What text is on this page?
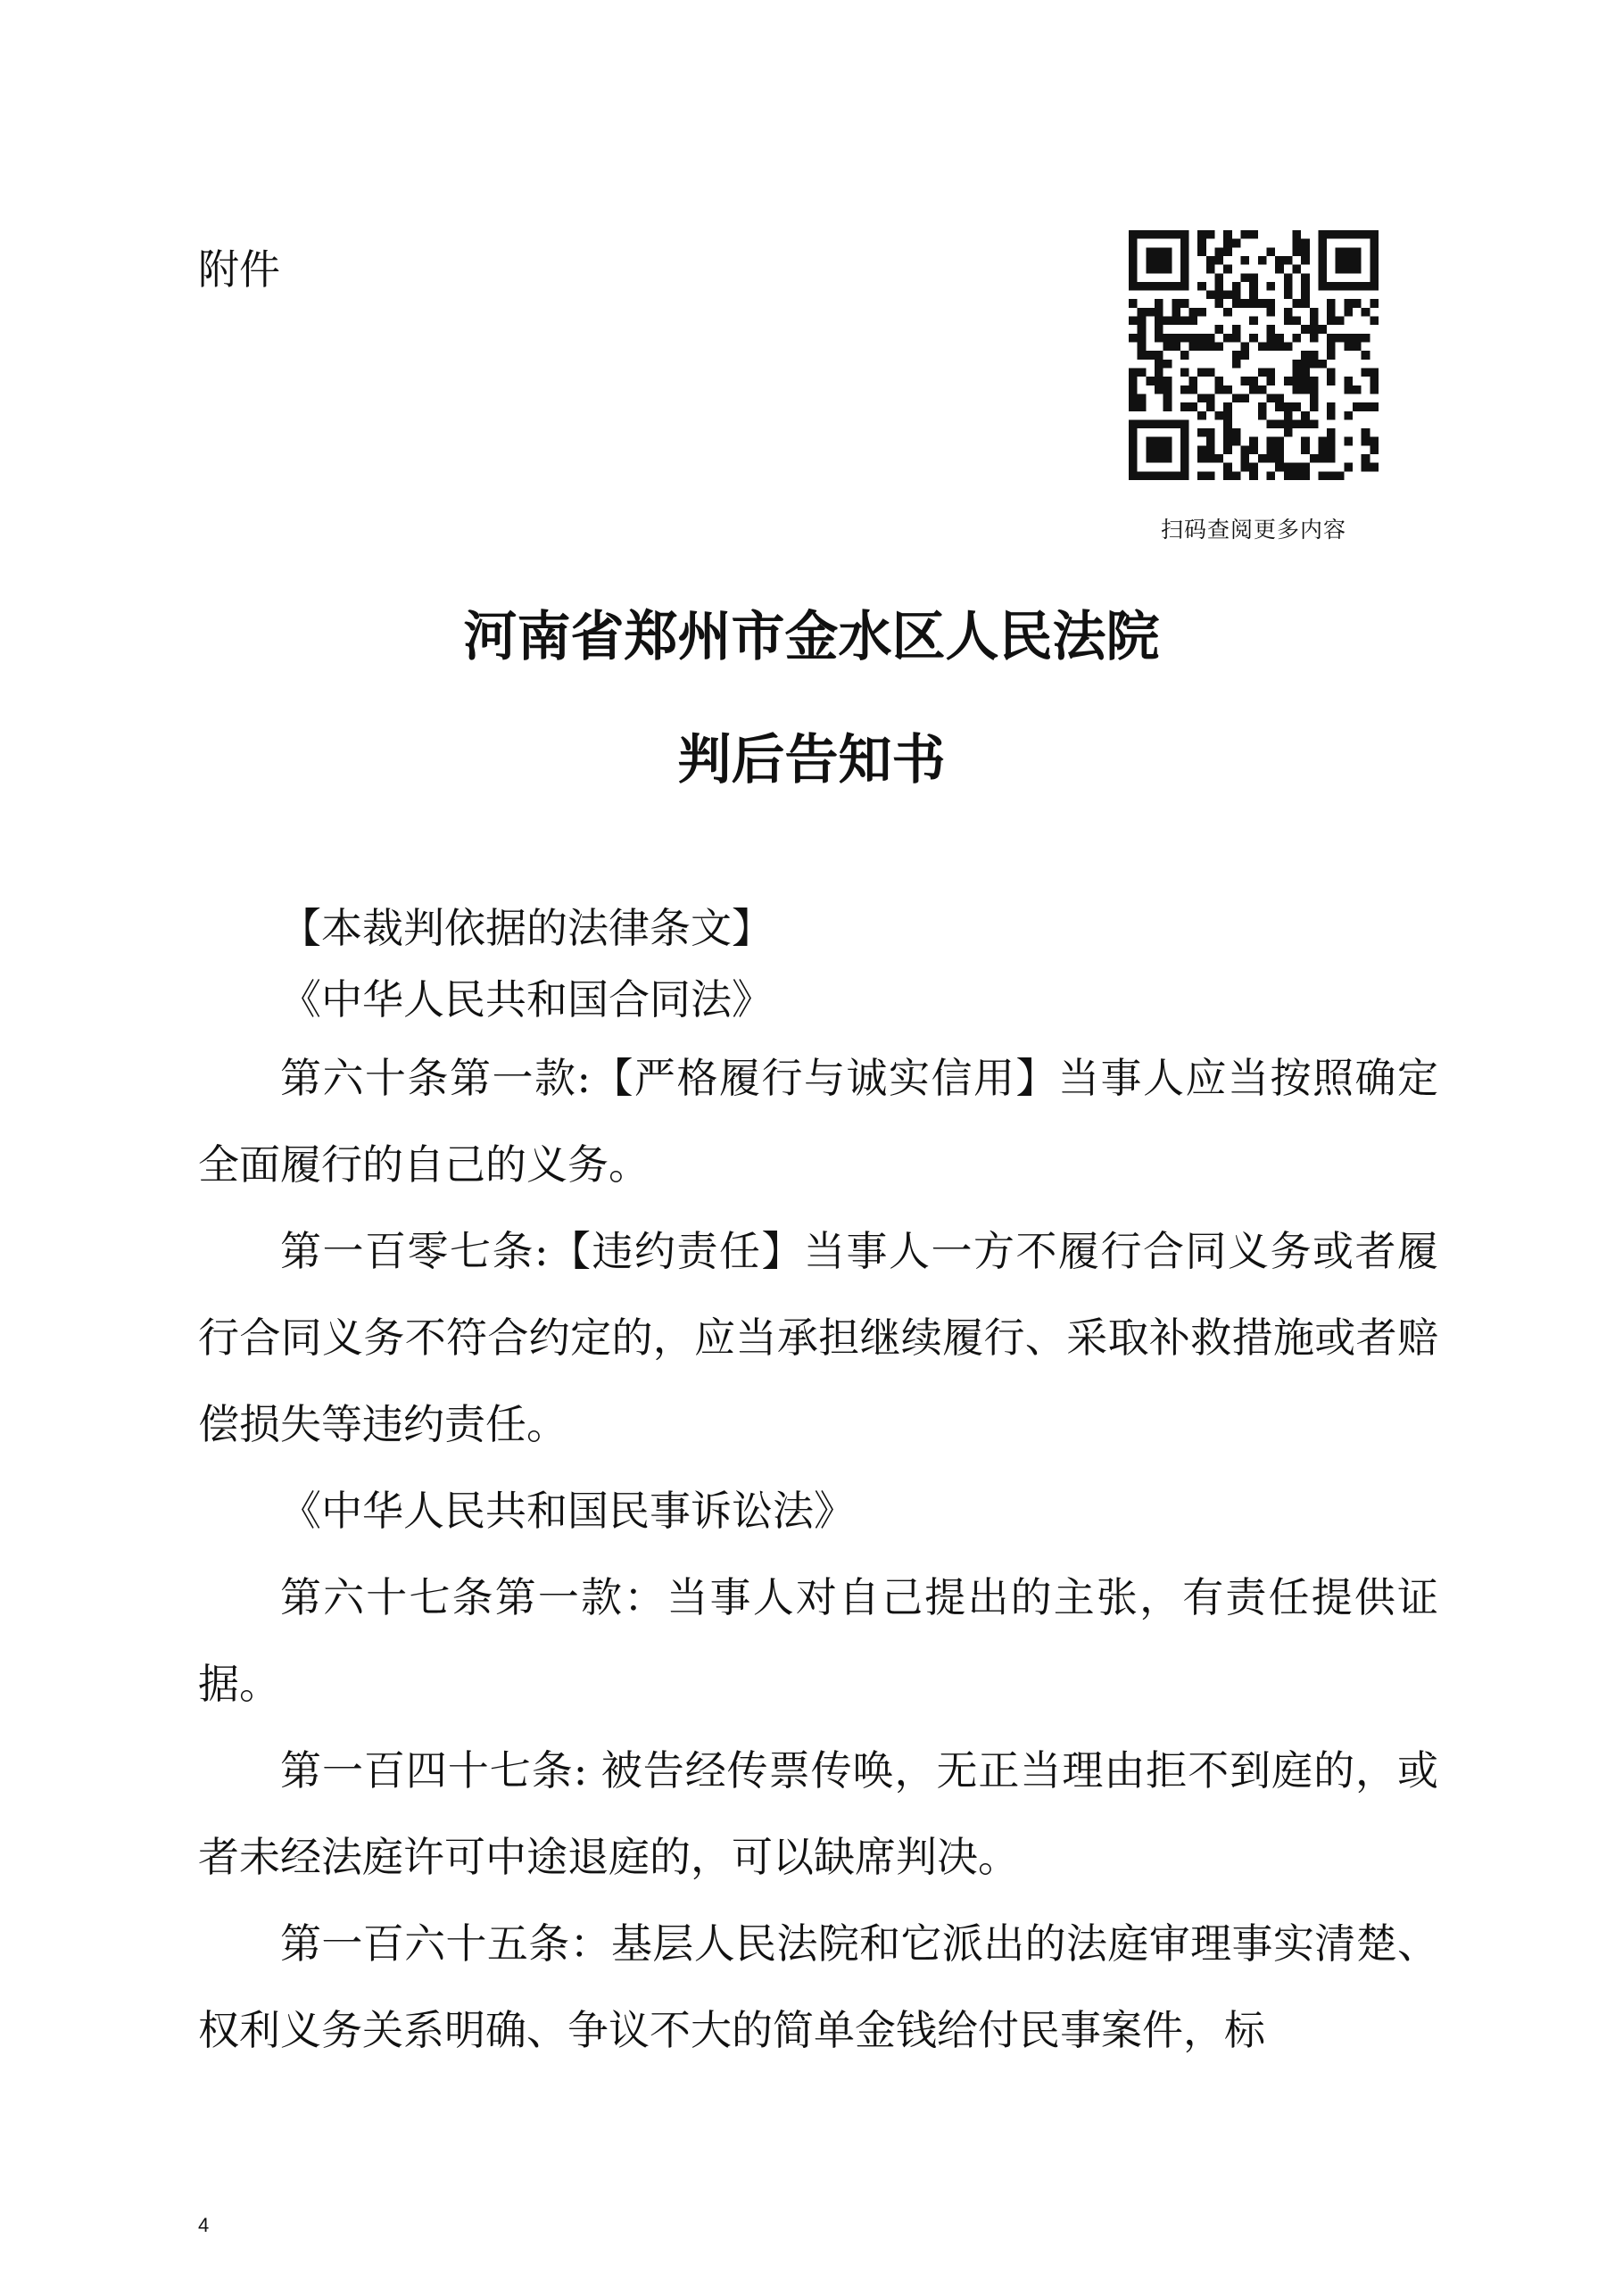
附件

扫码查阅更多内容

河南省郑州市金水区人民法院
判后告知书

【本裁判依据的法律条文】

《中华人民共和国合同法》

第六十条第一款:【严格履行与诚实信用】当事人应当按照确定全面履行的自己的义务。

第一百零七条:【违约责任】当事人一方不履行合同义务或者履行合同义务不符合约定的，应当承担继续履行、采取补救措施或者赔偿损失等违约责任。

《中华人民共和国民事诉讼法》

第六十七条第一款：当事人对自己提出的主张，有责任提供证据。

第一百四十七条: 被告经传票传唤，无正当理由拒不到庭的，或者未经法庭许可中途退庭的，可以缺席判决。

第一百六十五条：基层人民法院和它派出的法庭审理事实清楚、权利义务关系明确、争议不大的简单金钱给付民事案件，标

4
